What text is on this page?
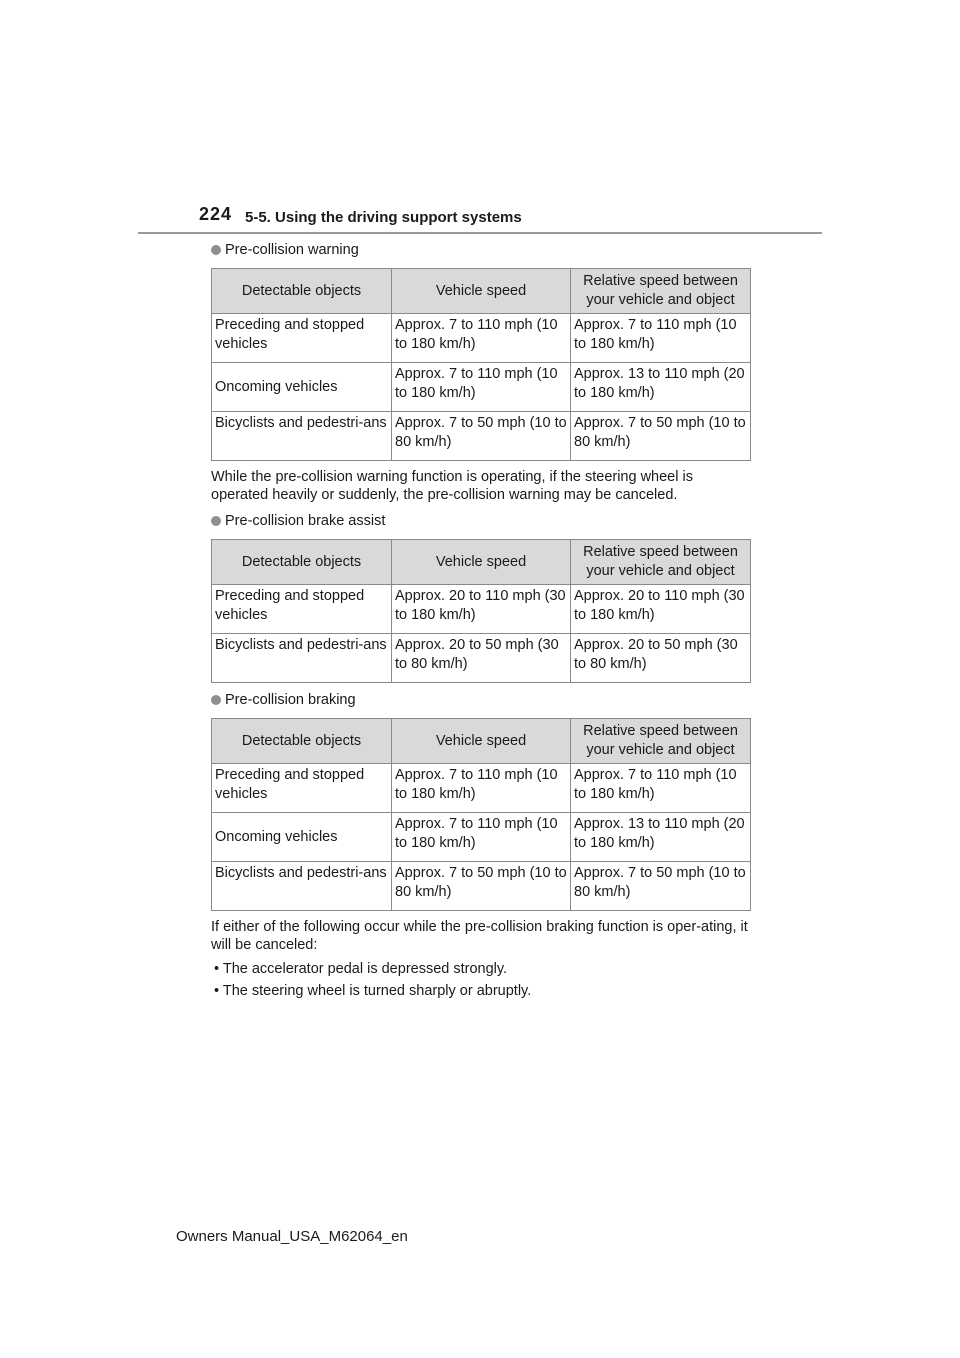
224 5-5. Using the driving support systems
Pre-collision warning
Detectable objects	Vehicle speed	Relative speed between your vehicle and object
Preceding and stopped vehicles	Approx. 7 to 110 mph (10 to 180 km/h)	Approx. 7 to 110 mph (10 to 180 km/h)
Oncoming vehicles	Approx. 7 to 110 mph (10 to 180 km/h)	Approx. 13 to 110 mph (20 to 180 km/h)
Bicyclists and pedestri-ans	Approx. 7 to 50 mph (10 to 80 km/h)	Approx. 7 to 50 mph (10 to 80 km/h)
While the pre-collision warning function is operating, if the steering wheel is operated heavily or suddenly, the pre-collision warning may be canceled.
Pre-collision brake assist
Detectable objects	Vehicle speed	Relative speed between your vehicle and object
Preceding and stopped vehicles	Approx. 20 to 110 mph (30 to 180 km/h)	Approx. 20 to 110 mph (30 to 180 km/h)
Bicyclists and pedestri-ans	Approx. 20 to 50 mph (30 to 80 km/h)	Approx. 20 to 50 mph (30 to 80 km/h)
Pre-collision braking
Detectable objects	Vehicle speed	Relative speed between your vehicle and object
Preceding and stopped vehicles	Approx. 7 to 110 mph (10 to 180 km/h)	Approx. 7 to 110 mph (10 to 180 km/h)
Oncoming vehicles	Approx. 7 to 110 mph (10 to 180 km/h)	Approx. 13 to 110 mph (20 to 180 km/h)
Bicyclists and pedestri-ans	Approx. 7 to 50 mph (10 to 80 km/h)	Approx. 7 to 50 mph (10 to 80 km/h)
If either of the following occur while the pre-collision braking function is oper-ating, it will be canceled:
• The accelerator pedal is depressed strongly.
• The steering wheel is turned sharply or abruptly.
Owners Manual_USA_M62064_en
